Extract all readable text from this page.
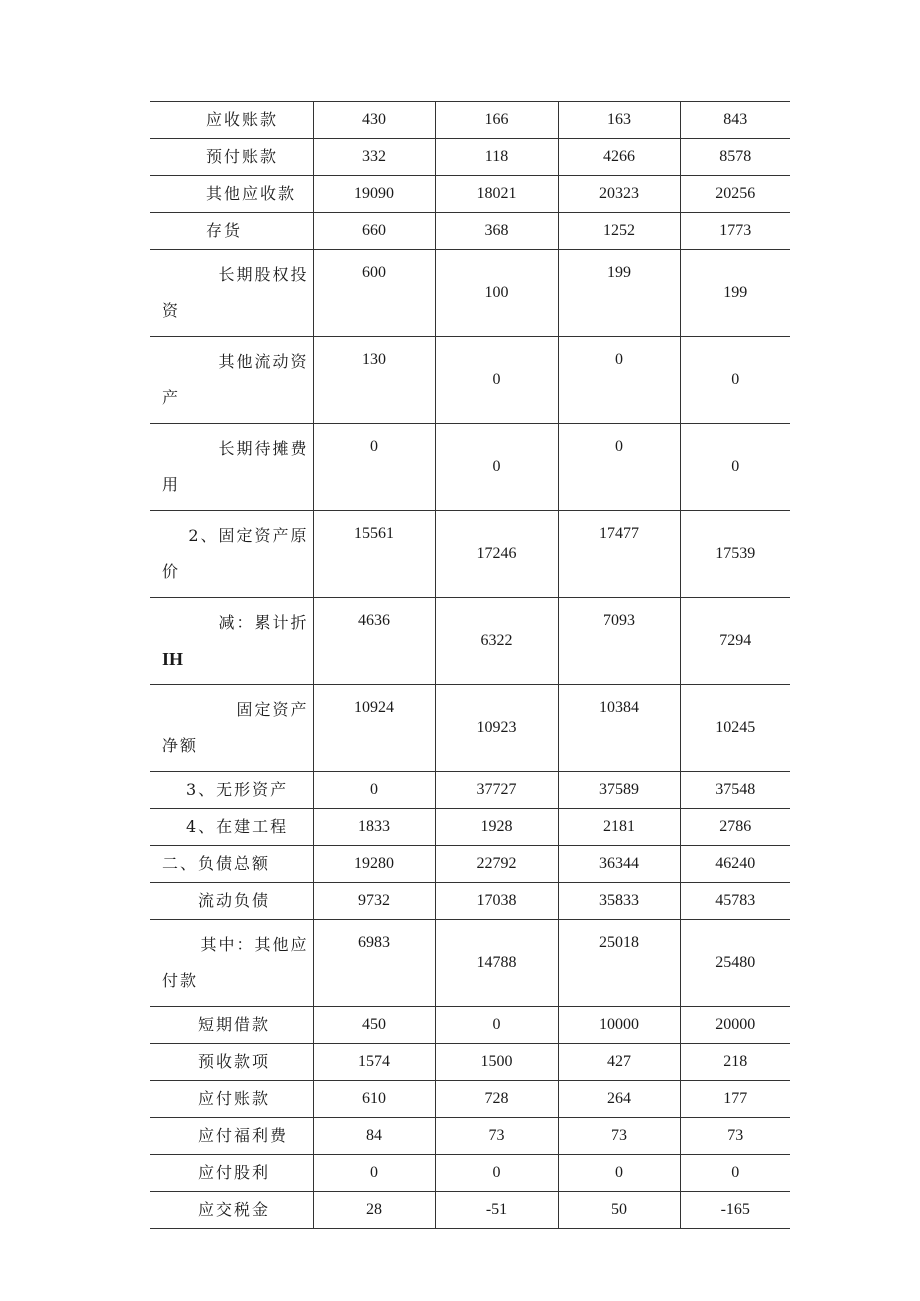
应收账款	430	166	163	843
预付账款	332	118	4266	8578
其他应收款	19090	18021	20323	20256
存货	660	368	1252	1773

长期股权投
资	600	100	199	199

其他流动资
产	130	0	0	0

长期待摊费
用	0	0	0	0

2、固定资产原
价	15561	17246	17477	17539

减：累计折
IH	4636	6322	7093	7294

固定资产
净额	10924	10923	10384	10245
3、无形资产	0	37727	37589	37548
4、在建工程	1833	1928	2181	2786
二、负债总额	19280	22792	36344	46240
流动负债	9732	17038	35833	45783

其中：其他应
付款	6983	14788	25018	25480
短期借款	450	0	10000	20000
预收款项	1574	1500	427	218
应付账款	610	728	264	177
应付福利费	84	73	73	73
应付股利	0	0	0	0
应交税金	28	-51	50	-165
